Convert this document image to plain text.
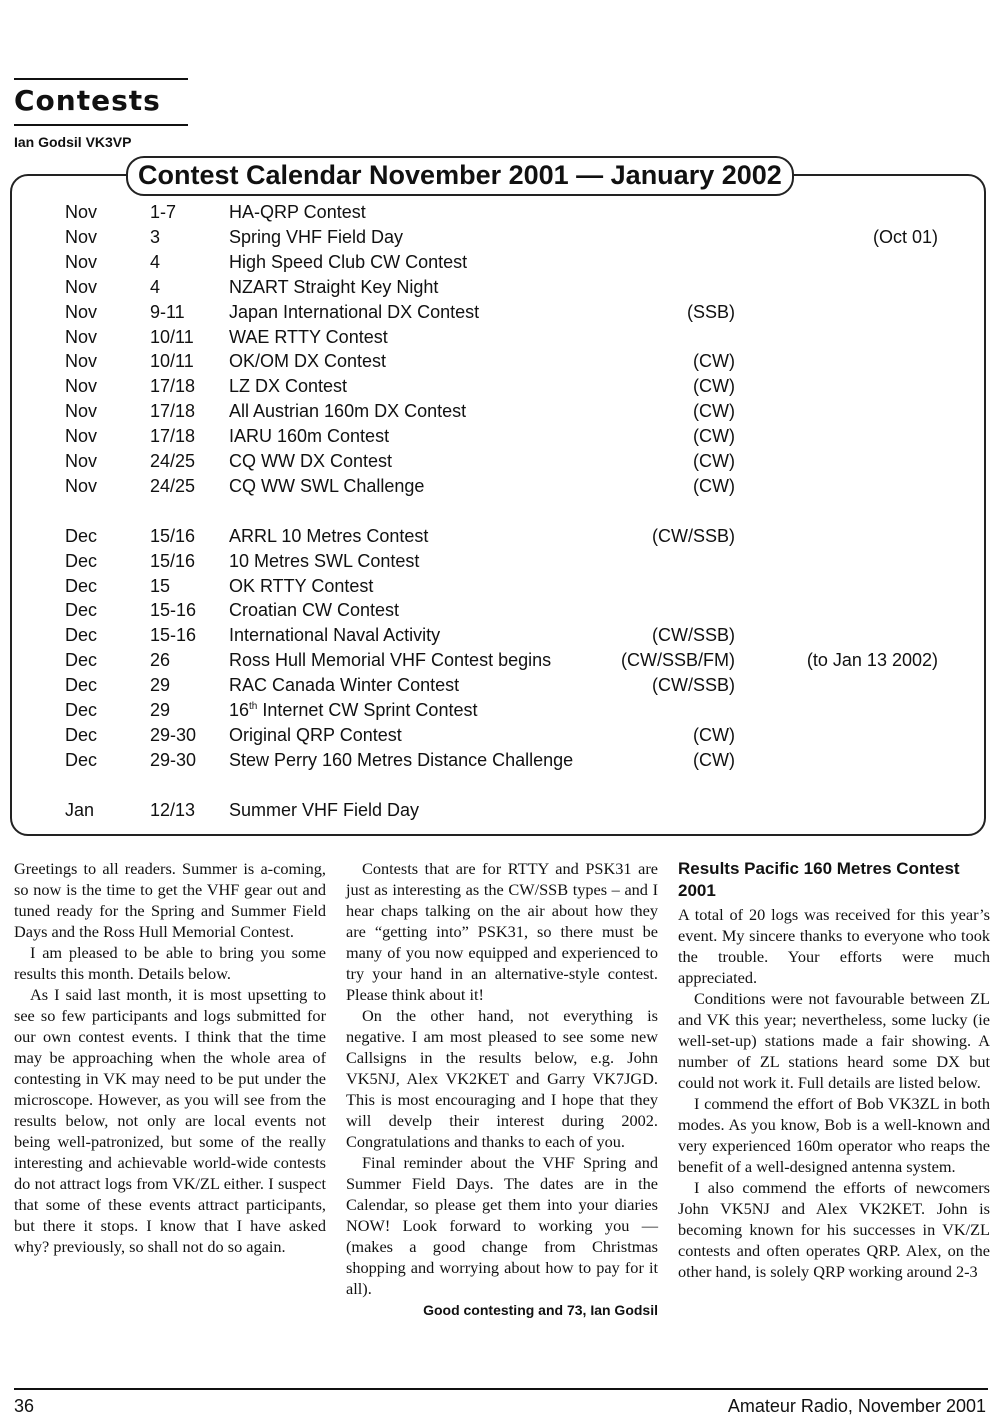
Contests
Ian Godsil VK3VP
Contest Calendar November 2001 — January 2002
Nov	1-7	HA-QRP Contest
Nov	3	Spring VHF Field Day	(Oct 01)
Nov	4	High Speed Club CW Contest
Nov	4	NZART Straight Key Night
Nov	9-11 Japan International DX Contest	(SSB)
Nov	10/11 WAE RTTY Contest
Nov	10/11 OK/OM DX Contest	(CW)
Nov	17/18 LZ DX Contest	(CW)
Nov	17/18 All Austrian 160m DX Contest	(CW)
Nov	17/18 IARU 160m Contest	(CW)
Nov	24/25 CQ WW DX Contest	(CW)
Nov	24/25 CQ WW SWL Challenge	(CW)
Dec	15/16 ARRL 10 Metres Contest	(CW/SSB)
Dec	15/16 10 Metres SWL Contest
Dec	15	OK RTTY Contest
Dec	15-16 Croatian CW Contest
Dec	15-16 International Naval Activity	(CW/SSB)
Dec	26	Ross Hull Memorial VHF Contest begins	(CW/SSB/FM)	(to Jan 13 2002)
Dec	29	RAC Canada Winter Contest	(CW/SSB)
Dec	29	16th Internet CW Sprint Contest
Dec	29-30 Original QRP Contest	(CW)
Dec	29-30 Stew Perry 160 Metres Distance Challenge	(CW)
Jan	12/13 Summer VHF Field Day

Greetings to all readers. Summer is a-coming, so now is the time to get the VHF gear out and tuned ready for the Spring and Summer Field Days and the Ross Hull Memorial Contest.

I am pleased to be able to bring you some results this month. Details below.

As I said last month, it is most upsetting to see so few participants and logs submitted for our own contest events. I think that the time may be approaching when the whole area of contesting in VK may need to be put under the microscope. However, as you will see from the results below, not only are local events not being well-patronized, but some of the really interesting and achievable world-wide contests do not attract logs from VK/ZL either. I suspect that some of these events attract participants, but there it stops. I know that I have asked why? previously, so shall not do so again.

Contests that are for RTTY and PSK31 are just as interesting as the CW/SSB types – and I hear chaps talking on the air about how they are “getting into” PSK31, so there must be many of you now equipped and experienced to try your hand in an alternative-style contest. Please think about it!

On the other hand, not everything is negative. I am most pleased to see some new Callsigns in the results below, e.g. John VK5NJ, Alex VK2KET and Garry VK7JGD. This is most encouraging and I hope that they will develp their interest during 2002. Congratulations and thanks to each of you.

Final reminder about the VHF Spring and Summer Field Days. The dates are in the Calendar, so please get them into your diaries NOW! Look forward to working you — (makes a good change from Christmas shopping and worrying about how to pay for it all).

Good contesting and 73, Ian Godsil

Results Pacific 160 Metres Contest 2001

A total of 20 logs was received for this year’s event. My sincere thanks to everyone who took the trouble. Your efforts were much appreciated.

Conditions were not favourable between ZL and VK this year; nevertheless, some lucky (ie well-set-up) stations made a fair showing. A number of ZL stations heard some DX but could not work it. Full details are listed below.

I commend the effort of Bob VK3ZL in both modes. As you know, Bob is a well-known and very experienced 160m operator who reaps the benefit of a well-designed antenna system.

I also commend the efforts of newcomers John VK5NJ and Alex VK2KET. John is becoming known for his successes in VK/ZL contests and often operates QRP. Alex, on the other hand, is solely QRP working around 2-3

36	Amateur Radio, November 2001
